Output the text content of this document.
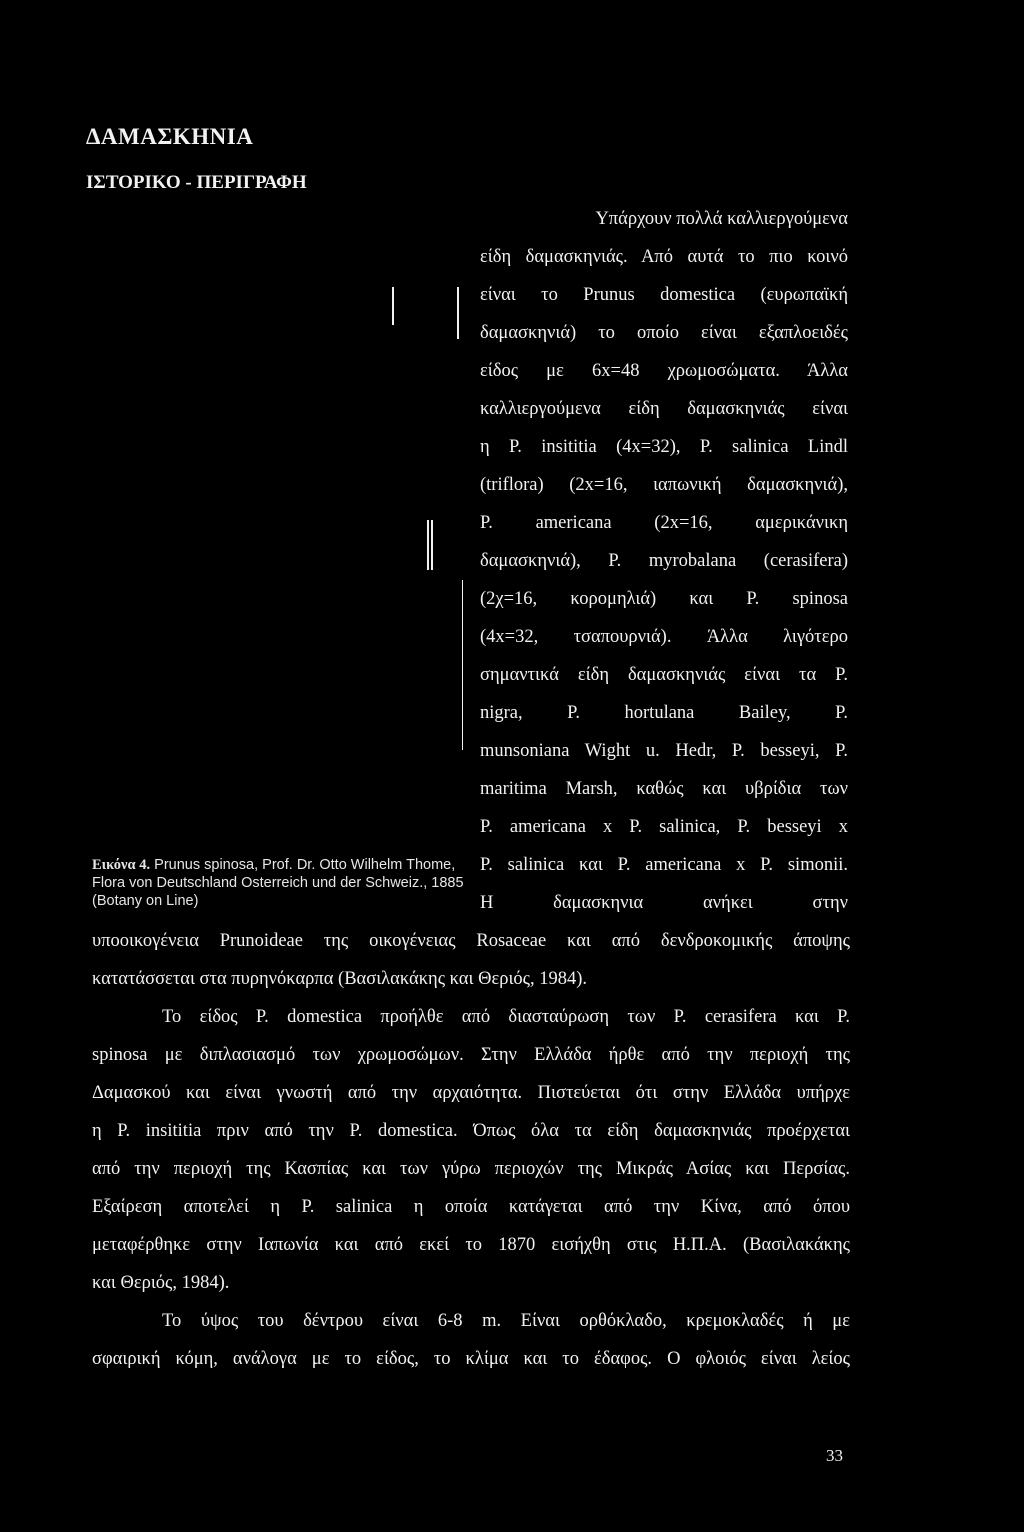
ΔΑΜΑΣΚΗΝΙΑ
ΙΣΤΟΡΙΚΟ - ΠΕΡΙΓΡΑΦΗ
Εικόνα 4. Prunus spinosa, Prof. Dr. Otto Wilhelm Thome, Flora von Deutschland Osterreich und der Schweiz., 1885 (Botany on Line)
Υπάρχουν πολλά καλλιεργούμενα
είδη δαμασκηνιάς. Από αυτά το πιο κοινό
είναι το Prunus domestica (ευρωπαϊκή
δαμασκηνιά) το οποίο είναι εξαπλοειδές
είδος με 6x=48 χρωμοσώματα. Άλλα
καλλιεργούμενα είδη δαμασκηνιάς είναι
η P. insititia (4x=32), P. salinica Lindl
(triflora) (2x=16, ιαπωνική δαμασκηνιά),
P. americana (2x=16, αμερικάνικη
δαμασκηνιά), P. myrobalana (cerasifera)
(2χ=16, κορομηλιά) και P. spinosa
(4x=32, τσαπουρνιά). Άλλα λιγότερο
σημαντικά είδη δαμασκηνιάς είναι τα P.
nigra, P. hortulana Bailey, P.
munsoniana Wight u. Hedr, P. besseyi, P.
maritima Marsh, καθώς και υβρίδια των
P. americana x P. salinica, P. besseyi x
P. salinica και P. americana x P. simonii.
Η δαμασκηνια ανήκει στην
υποοικογένεια Prunoideae της οικογένειας Rosaceae και από δενδροκομικής άποψης
κατατάσσεται στα πυρηνόκαρπα (Βασιλακάκης και Θεριός, 1984).
Το είδος P. domestica προήλθε από διασταύρωση των P. cerasifera και P.
spinosa με διπλασιασμό των χρωμοσώμων. Στην Ελλάδα ήρθε από την περιοχή της
Δαμασκού και είναι γνωστή από την αρχαιότητα. Πιστεύεται ότι στην Ελλάδα υπήρχε
η P. insititia πριν από την P. domestica. Όπως όλα τα είδη δαμασκηνιάς προέρχεται
από την περιοχή της Κασπίας και των γύρω περιοχών της Μικράς Ασίας και Περσίας.
Εξαίρεση αποτελεί η P. salinica η οποία κατάγεται από την Κίνα, από όπου
μεταφέρθηκε στην Ιαπωνία και από εκεί το 1870 εισήχθη στις Η.Π.Α. (Βασιλακάκης
και Θεριός, 1984).
Το ύψος του δέντρου είναι 6-8 m. Είναι ορθόκλαδο, κρεμοκλαδές ή με
σφαιρική κόμη, ανάλογα με το είδος, το κλίμα και το έδαφος. Ο φλοιός είναι λείος
33
